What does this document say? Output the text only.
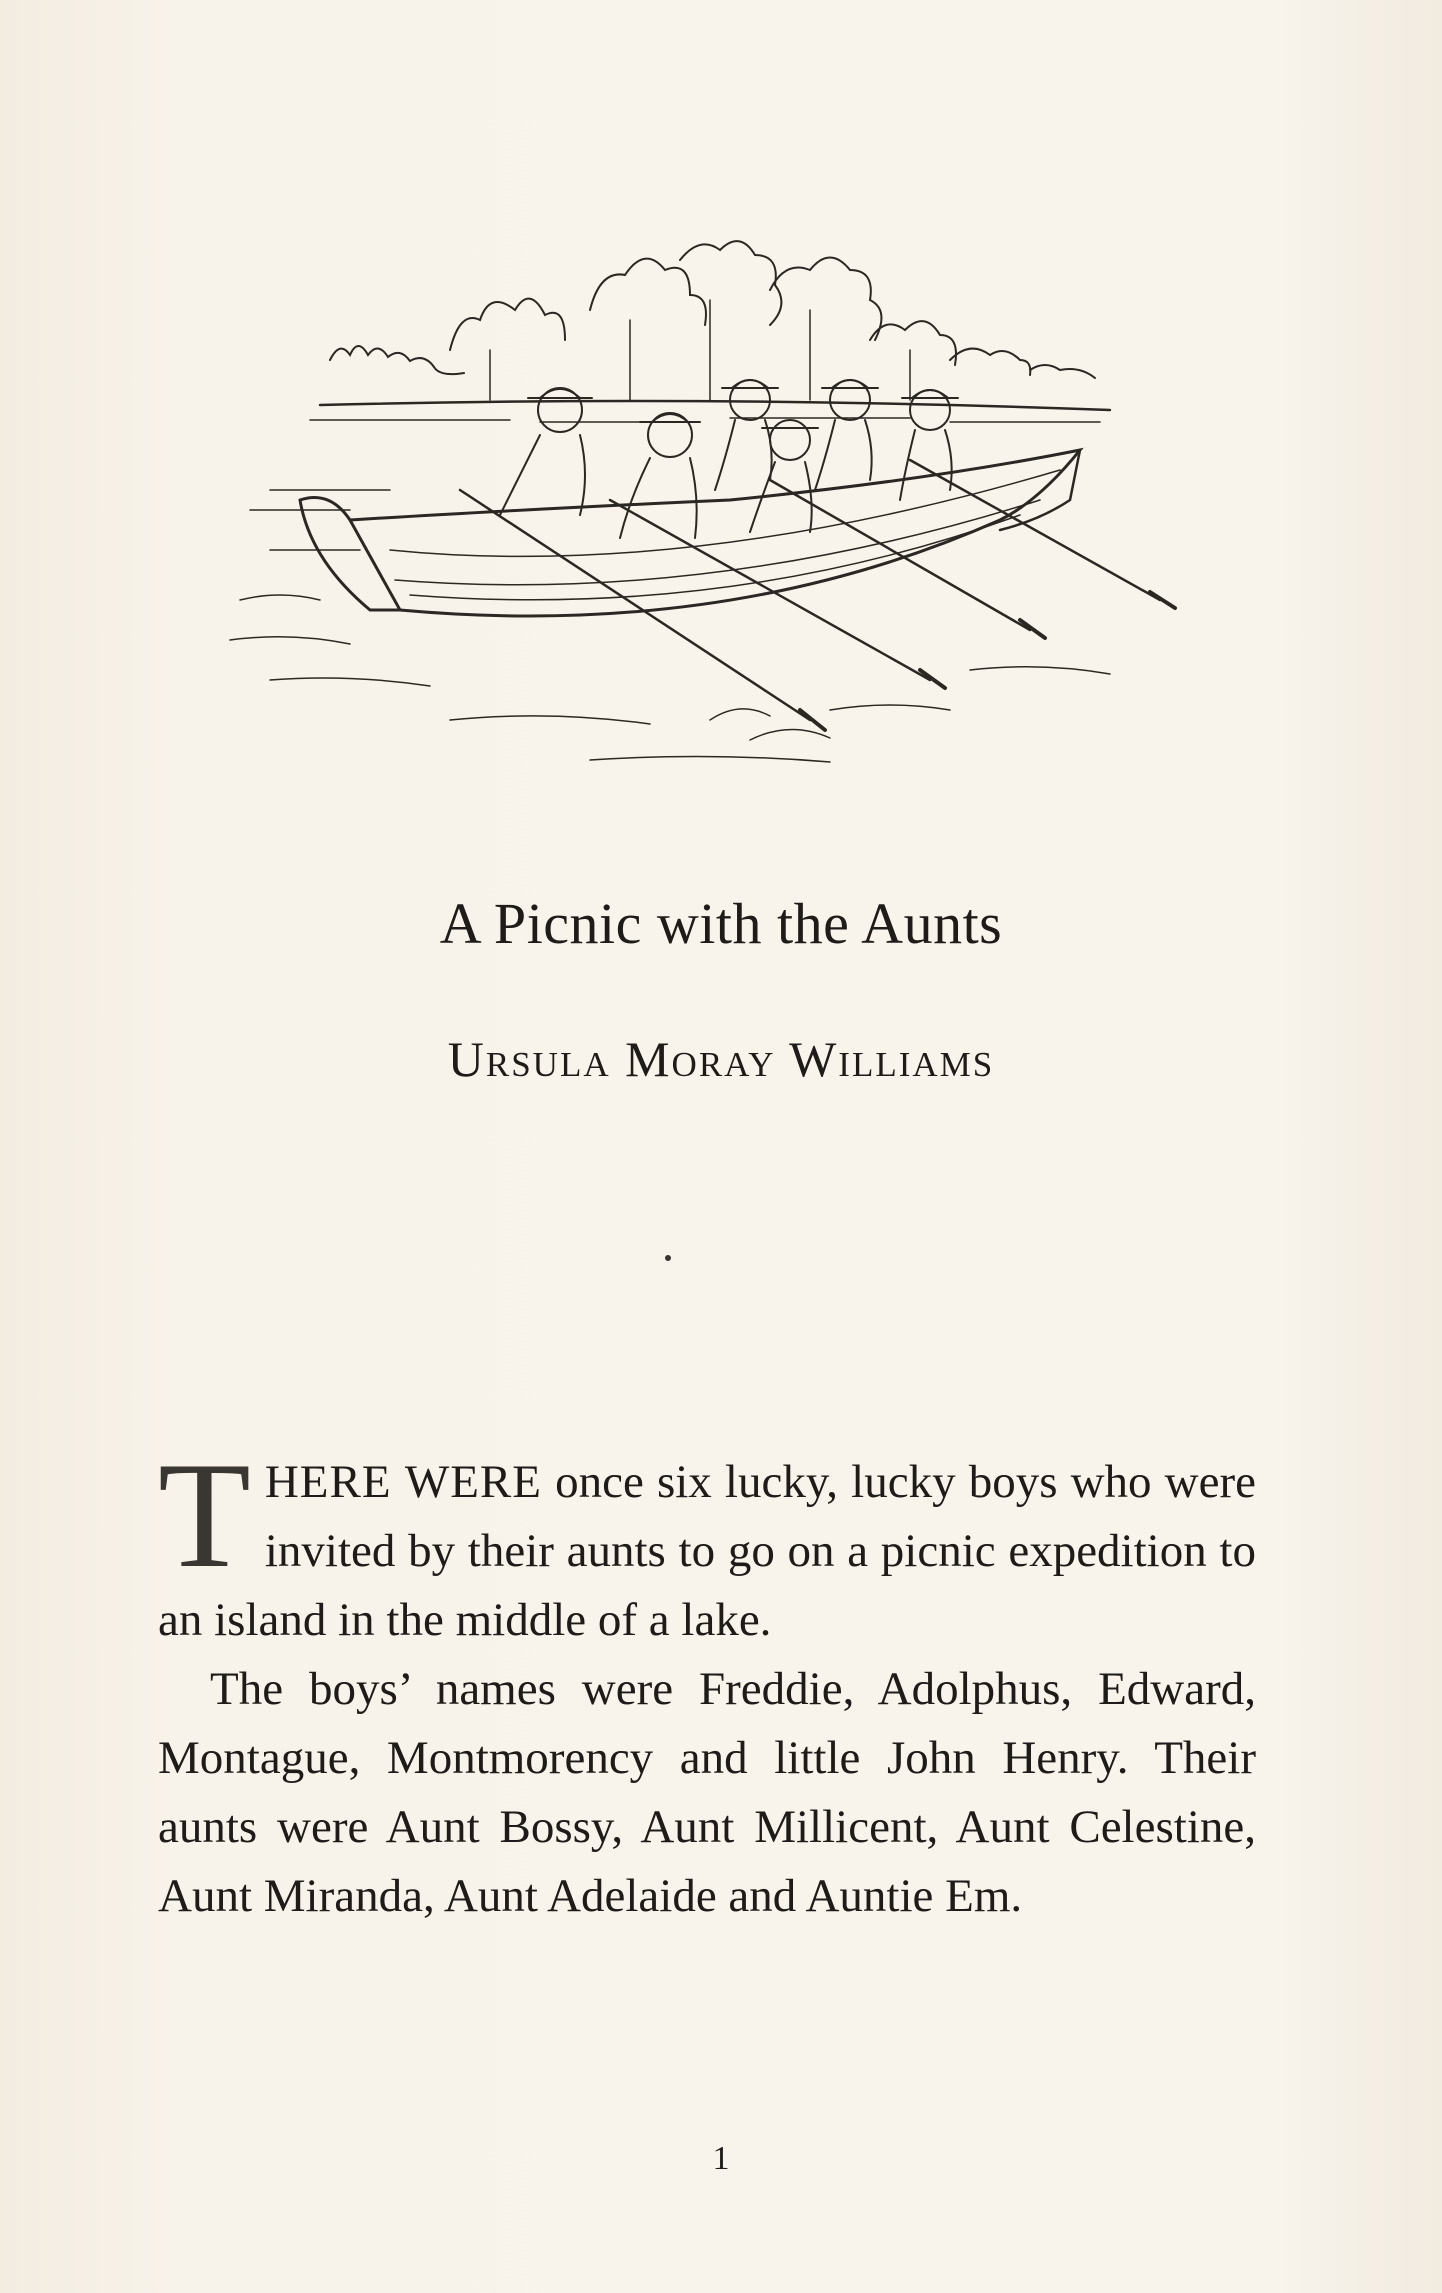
A Picnic with the Aunts
Ursula Moray Williams

THERE WERE once six lucky, lucky boys who were invited by their aunts to go on a picnic expedition to an island in the middle of a lake.

The boys’ names were Freddie, Adolphus, Edward, Montague, Montmorency and little John Henry. Their aunts were Aunt Bossy, Aunt Millicent, Aunt Celestine, Aunt Miranda, Aunt Adelaide and Auntie Em.

1
